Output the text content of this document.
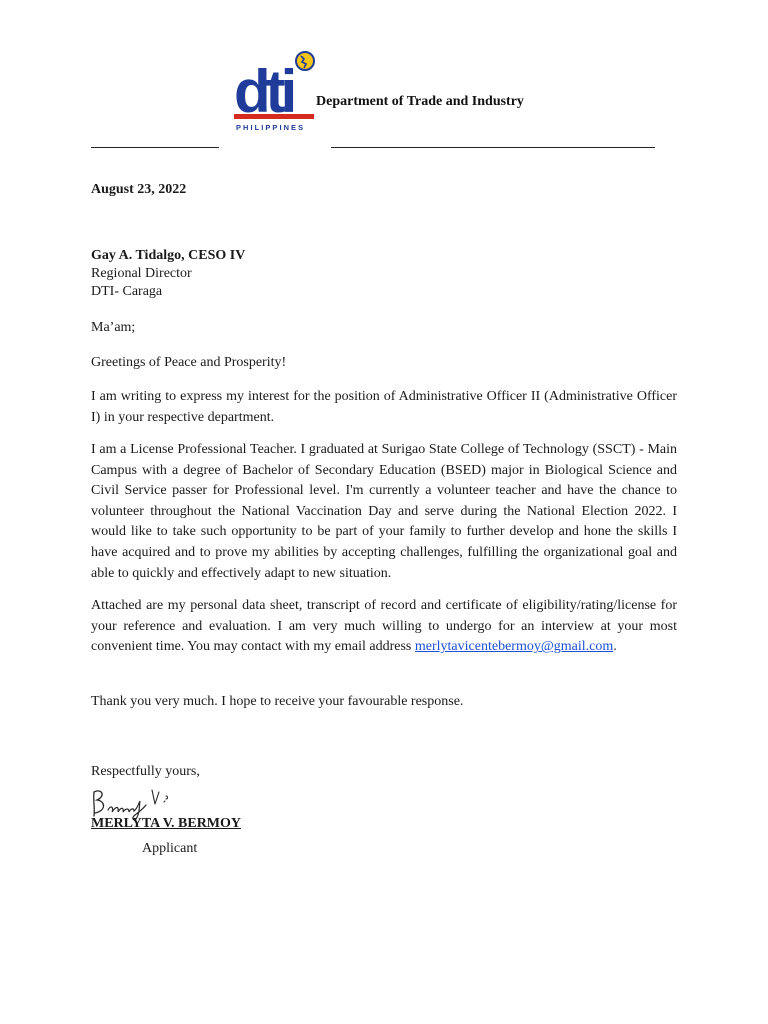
dti
PHILIPPINES
Department of Trade and Industry
August 23, 2022
Gay A. Tidalgo, CESO IV
Regional Director
DTI- Caraga
Ma’am;
Greetings of Peace and Prosperity!
I am writing to express my interest for the position of Administrative Officer II (Administrative Officer I) in your respective department.
I am a License Professional Teacher. I graduated at Surigao State College of Technology (SSCT) - Main Campus with a degree of Bachelor of Secondary Education (BSED) major in Biological Science and Civil Service passer for Professional level. I'm currently a volunteer teacher and have the chance to volunteer throughout the National Vaccination Day and serve during the National Election 2022. I would like to take such opportunity to be part of your family to further develop and hone the skills I have acquired and to prove my abilities by accepting challenges, fulfilling the organizational goal and able to quickly and effectively adapt to new situation.
Attached are my personal data sheet, transcript of record and certificate of eligibility/rating/license for your reference and evaluation. I am very much willing to undergo for an interview at your most convenient time. You may contact with my email address merlytavicentebermoy@gmail.com.
Thank you very much. I hope to receive your favourable response.
Respectfully yours,
MERLYTA V. BERMOY
Applicant
